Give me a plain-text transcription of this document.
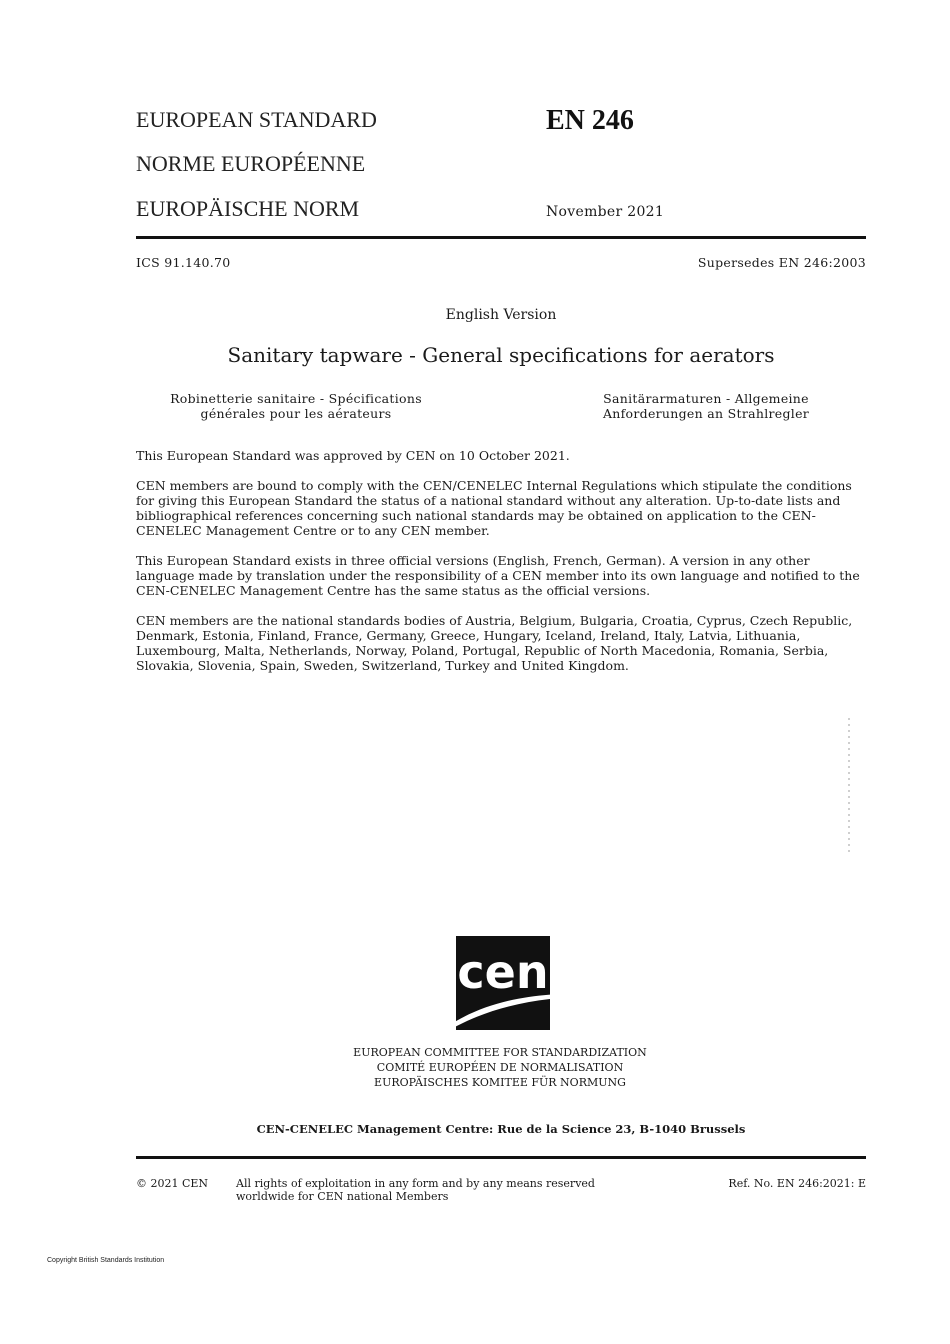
EUROPEAN STANDARD
NORME EUROPÉENNE
EUROPÄISCHE NORM
EN 246
November 2021
ICS 91.140.70	Supersedes EN 246:2003
English Version
Sanitary tapware - General specifications for aerators
Robinetterie sanitaire - Spécifications
générales pour les aérateurs
Sanitärarmaturen - Allgemeine
Anforderungen an Strahlregler
This European Standard was approved by CEN on 10 October 2021.
CEN members are bound to comply with the CEN/CENELEC Internal Regulations which stipulate the conditions for giving this European Standard the status of a national standard without any alteration. Up-to-date lists and bibliographical references concerning such national standards may be obtained on application to the CEN-CENELEC Management Centre or to any CEN member.
This European Standard exists in three official versions (English, French, German). A version in any other language made by translation under the responsibility of a CEN member into its own language and notified to the CEN-CENELEC Management Centre has the same status as the official versions.
CEN members are the national standards bodies of Austria, Belgium, Bulgaria, Croatia, Cyprus, Czech Republic, Denmark, Estonia, Finland, France, Germany, Greece, Hungary, Iceland, Ireland, Italy, Latvia, Lithuania, Luxembourg, Malta, Netherlands, Norway, Poland, Portugal, Republic of North Macedonia, Romania, Serbia, Slovakia, Slovenia, Spain, Sweden, Switzerland, Turkey and United Kingdom.
cen
EUROPEAN COMMITTEE FOR STANDARDIZATION
COMITÉ EUROPÉEN DE NORMALISATION
EUROPÄISCHES KOMITEE FÜR NORMUNG
CEN-CENELEC Management Centre: Rue de la Science 23, B-1040 Brussels
© 2021 CEN	All rights of exploitation in any form and by any means reserved
worldwide for CEN national Members
Ref. No. EN 246:2021: E
Copyright British Standards Institution
